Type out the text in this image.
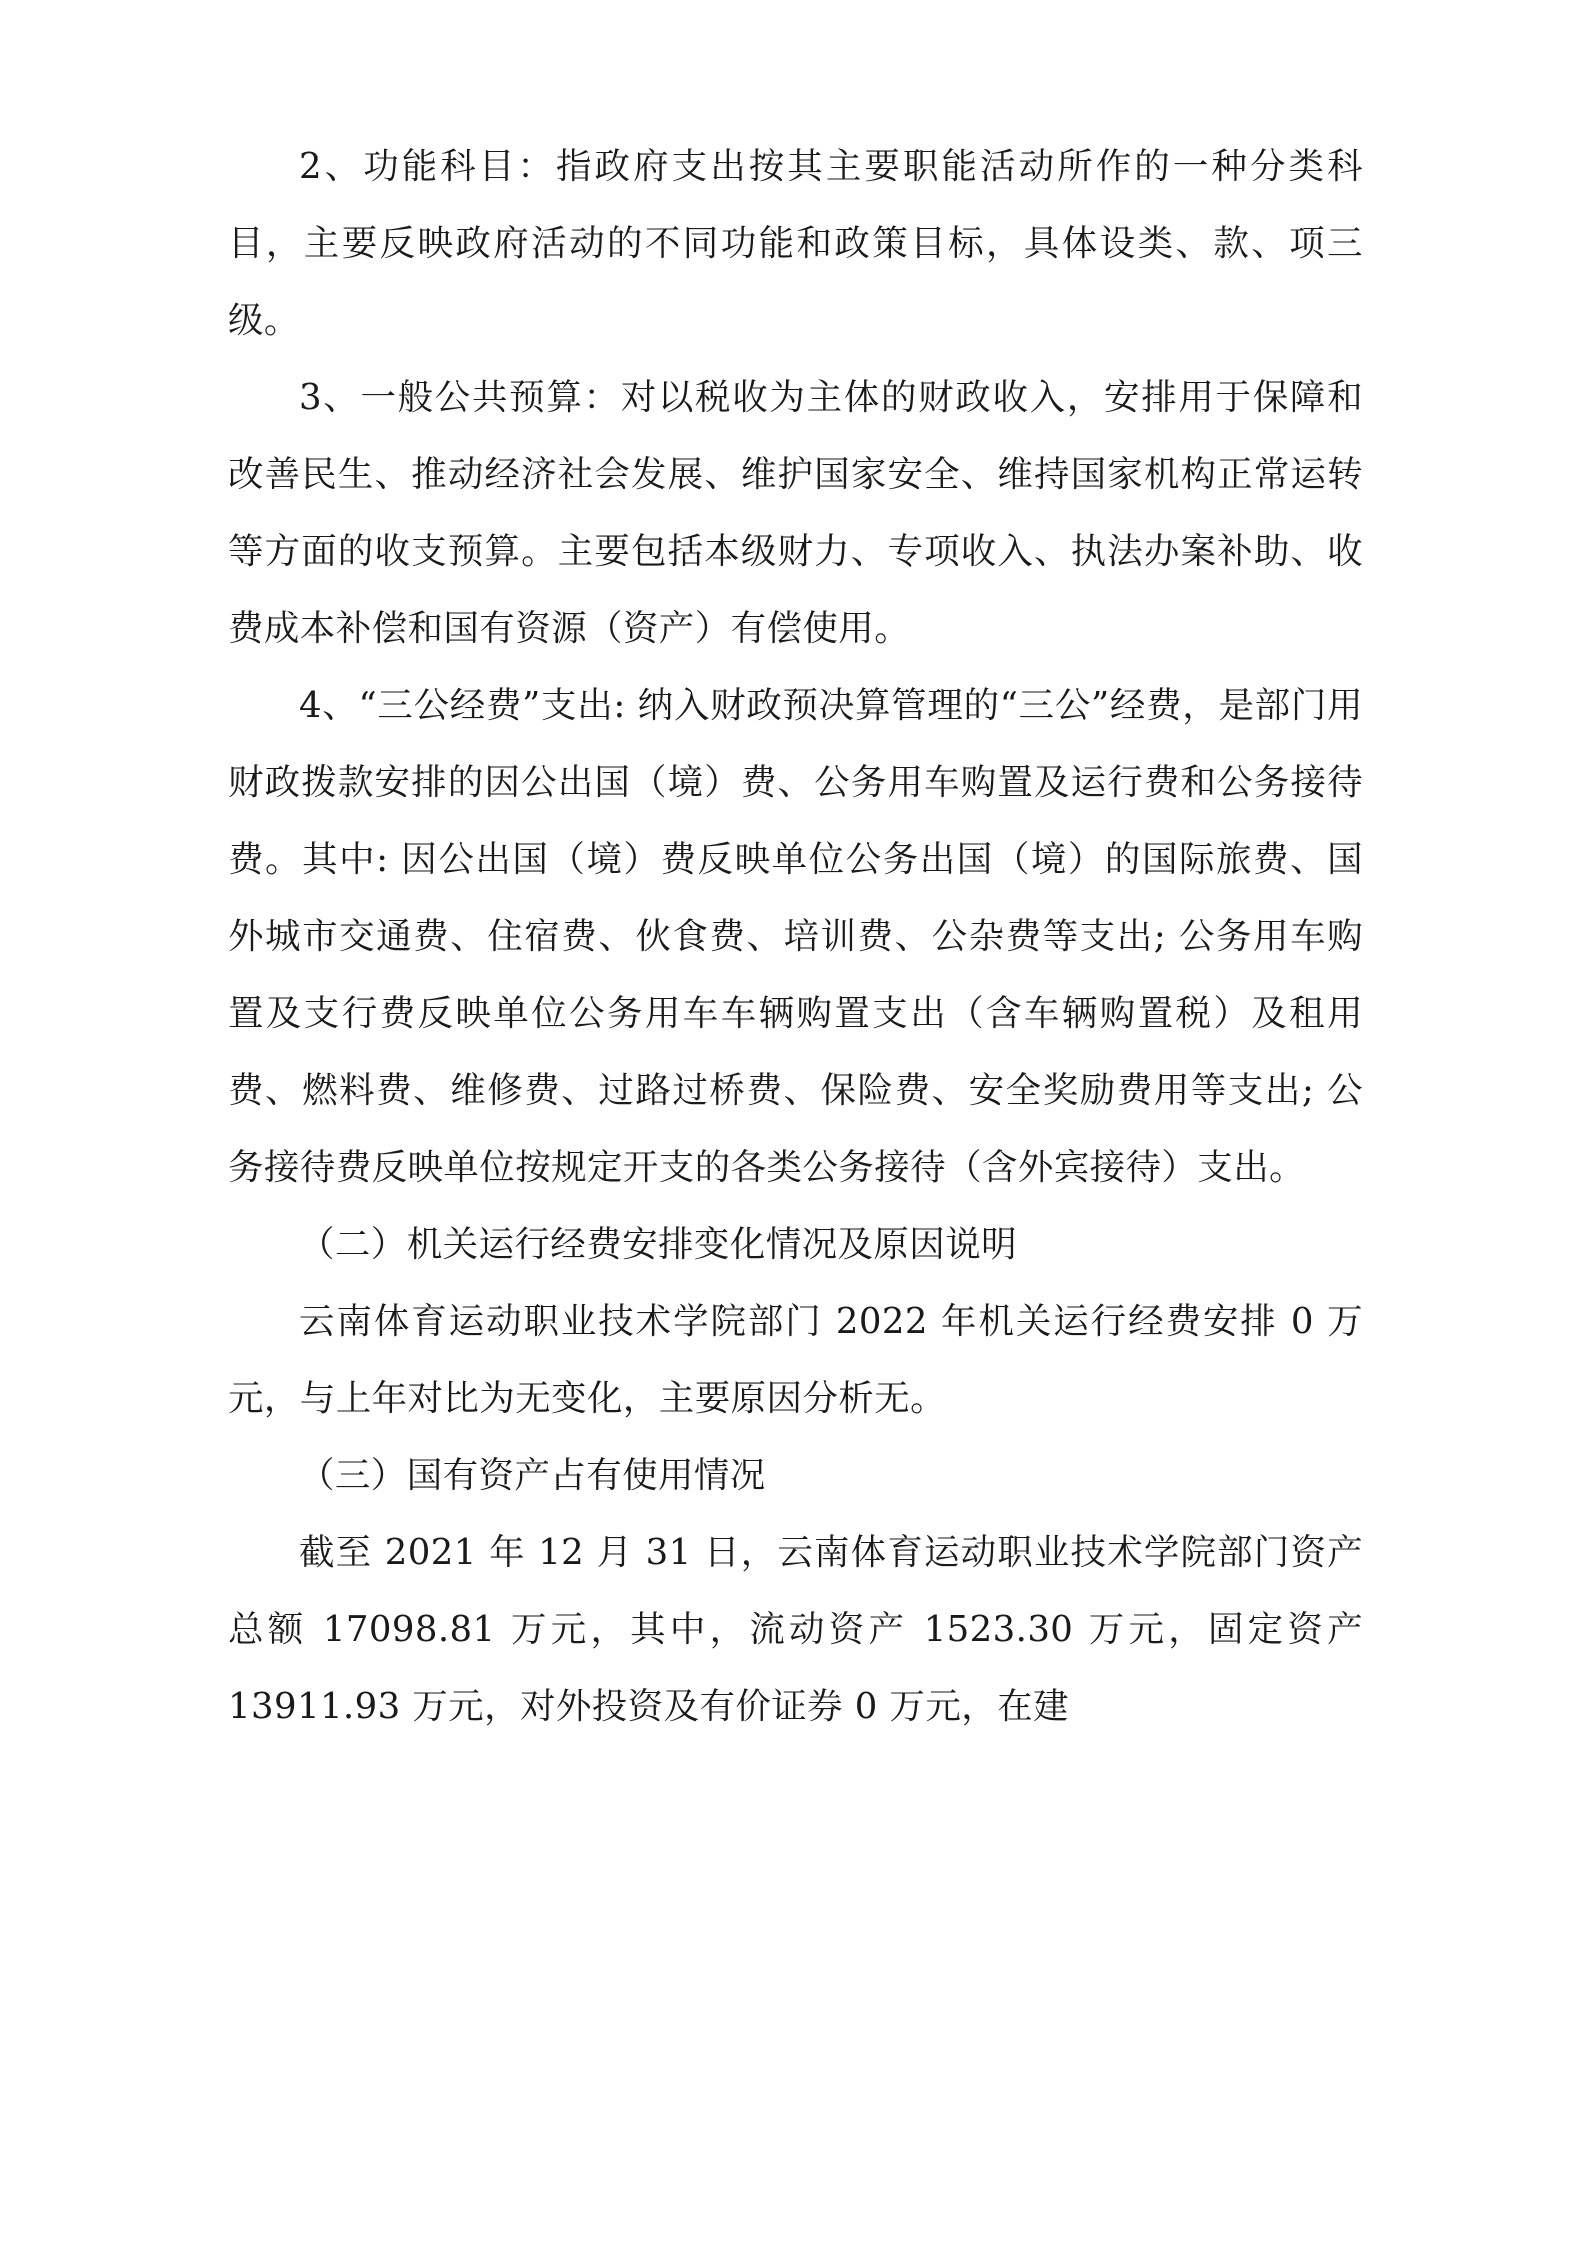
2、功能科目：指政府支出按其主要职能活动所作的一种分类科目，主要反映政府活动的不同功能和政策目标，具体设类、款、项三级。

3、一般公共预算：对以税收为主体的财政收入，安排用于保障和改善民生、推动经济社会发展、维护国家安全、维持国家机构正常运转等方面的收支预算。主要包括本级财力、专项收入、执法办案补助、收费成本补偿和国有资源（资产）有偿使用。

4、“三公经费”支出: 纳入财政预决算管理的“三公”经费，是部门用财政拨款安排的因公出国（境）费、公务用车购置及运行费和公务接待费。其中: 因公出国（境）费反映单位公务出国（境）的国际旅费、国外城市交通费、住宿费、伙食费、培训费、公杂费等支出; 公务用车购置及支行费反映单位公务用车车辆购置支出（含车辆购置税）及租用费、燃料费、维修费、过路过桥费、保险费、安全奖励费用等支出; 公务接待费反映单位按规定开支的各类公务接待（含外宾接待）支出。

（二）机关运行经费安排变化情况及原因说明

云南体育运动职业技术学院部门 2022 年机关运行经费安排 0 万元，与上年对比为无变化，主要原因分析无。

（三）国有资产占有使用情况

截至 2021 年 12 月 31 日，云南体育运动职业技术学院部门资产总额 17098.81 万元，其中，流动资产 1523.30 万元，固定资产 13911.93 万元，对外投资及有价证券 0 万元，在建
